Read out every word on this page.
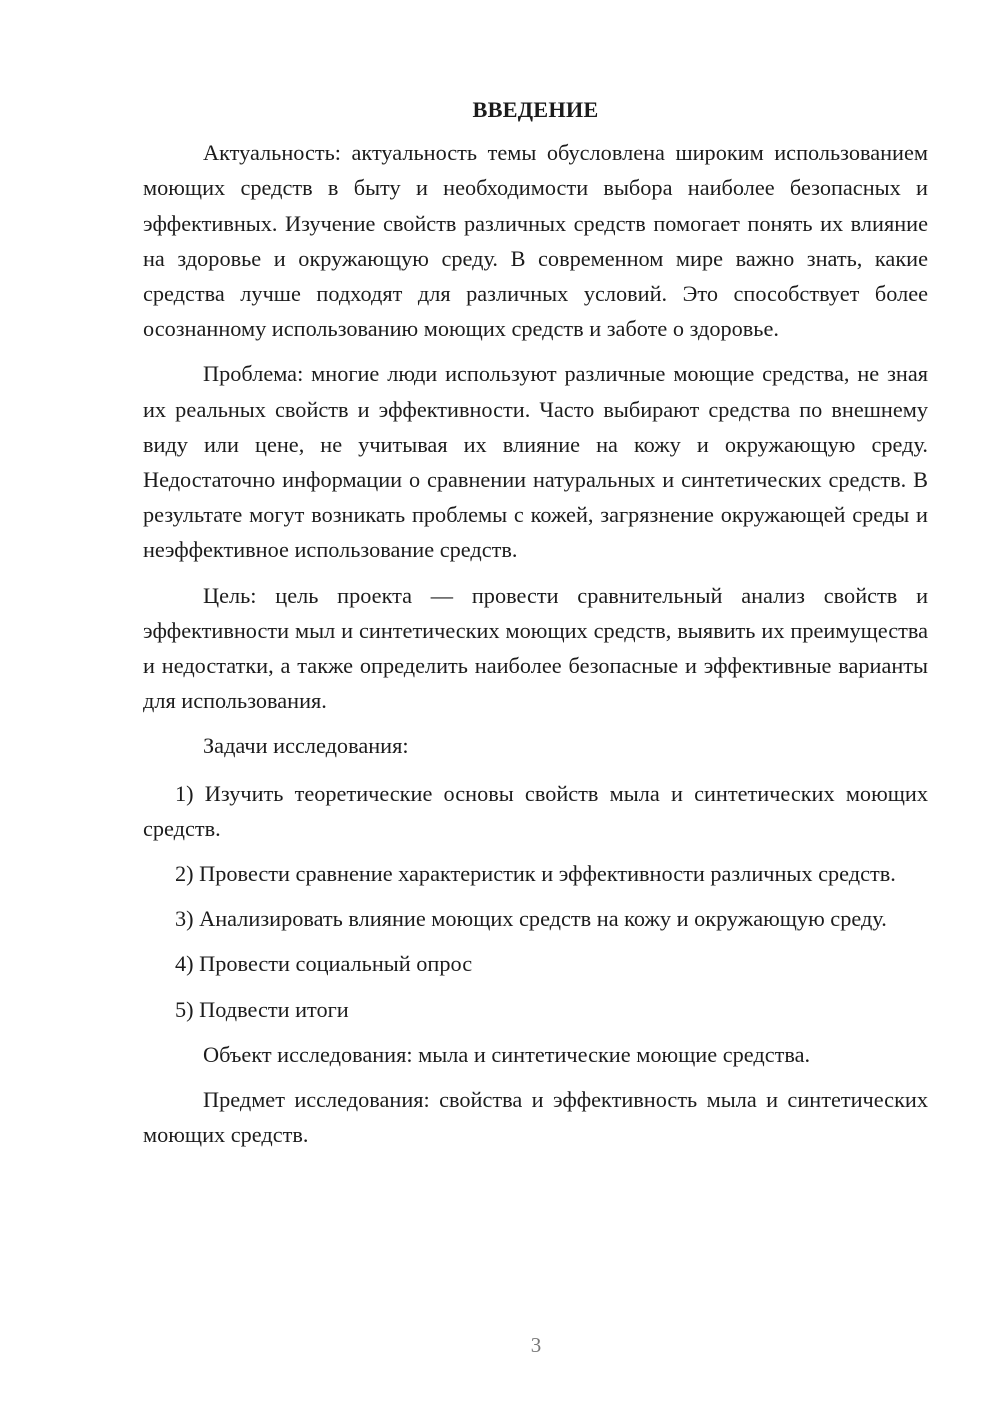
ВВЕДЕНИЕ

Актуальность: актуальность темы обусловлена широким использованием моющих средств в быту и необходимости выбора наиболее безопасных и эффективных. Изучение свойств различных средств помогает понять их влияние на здоровье и окружающую среду. В современном мире важно знать, какие средства лучше подходят для различных условий. Это способствует более осознанному использованию моющих средств и заботе о здоровье.

Проблема: многие люди используют различные моющие средства, не зная их реальных свойств и эффективности. Часто выбирают средства по внешнему виду или цене, не учитывая их влияние на кожу и окружающую среду. Недостаточно информации о сравнении натуральных и синтетических средств. В результате могут возникать проблемы с кожей, загрязнение окружающей среды и неэффективное использование средств.

Цель: цель проекта — провести сравнительный анализ свойств и эффективности мыл и синтетических моющих средств, выявить их преимущества и недостатки, а также определить наиболее безопасные и эффективные варианты для использования.

Задачи исследования:

1) Изучить теоретические основы свойств мыла и синтетических моющих средств.

2) Провести сравнение характеристик и эффективности различных средств.

3) Анализировать влияние моющих средств на кожу и окружающую среду.

4) Провести социальный опрос

5) Подвести итоги

Объект исследования: мыла и синтетические моющие средства.

Предмет исследования: свойства и эффективность мыла и синтетических моющих средств.

3
